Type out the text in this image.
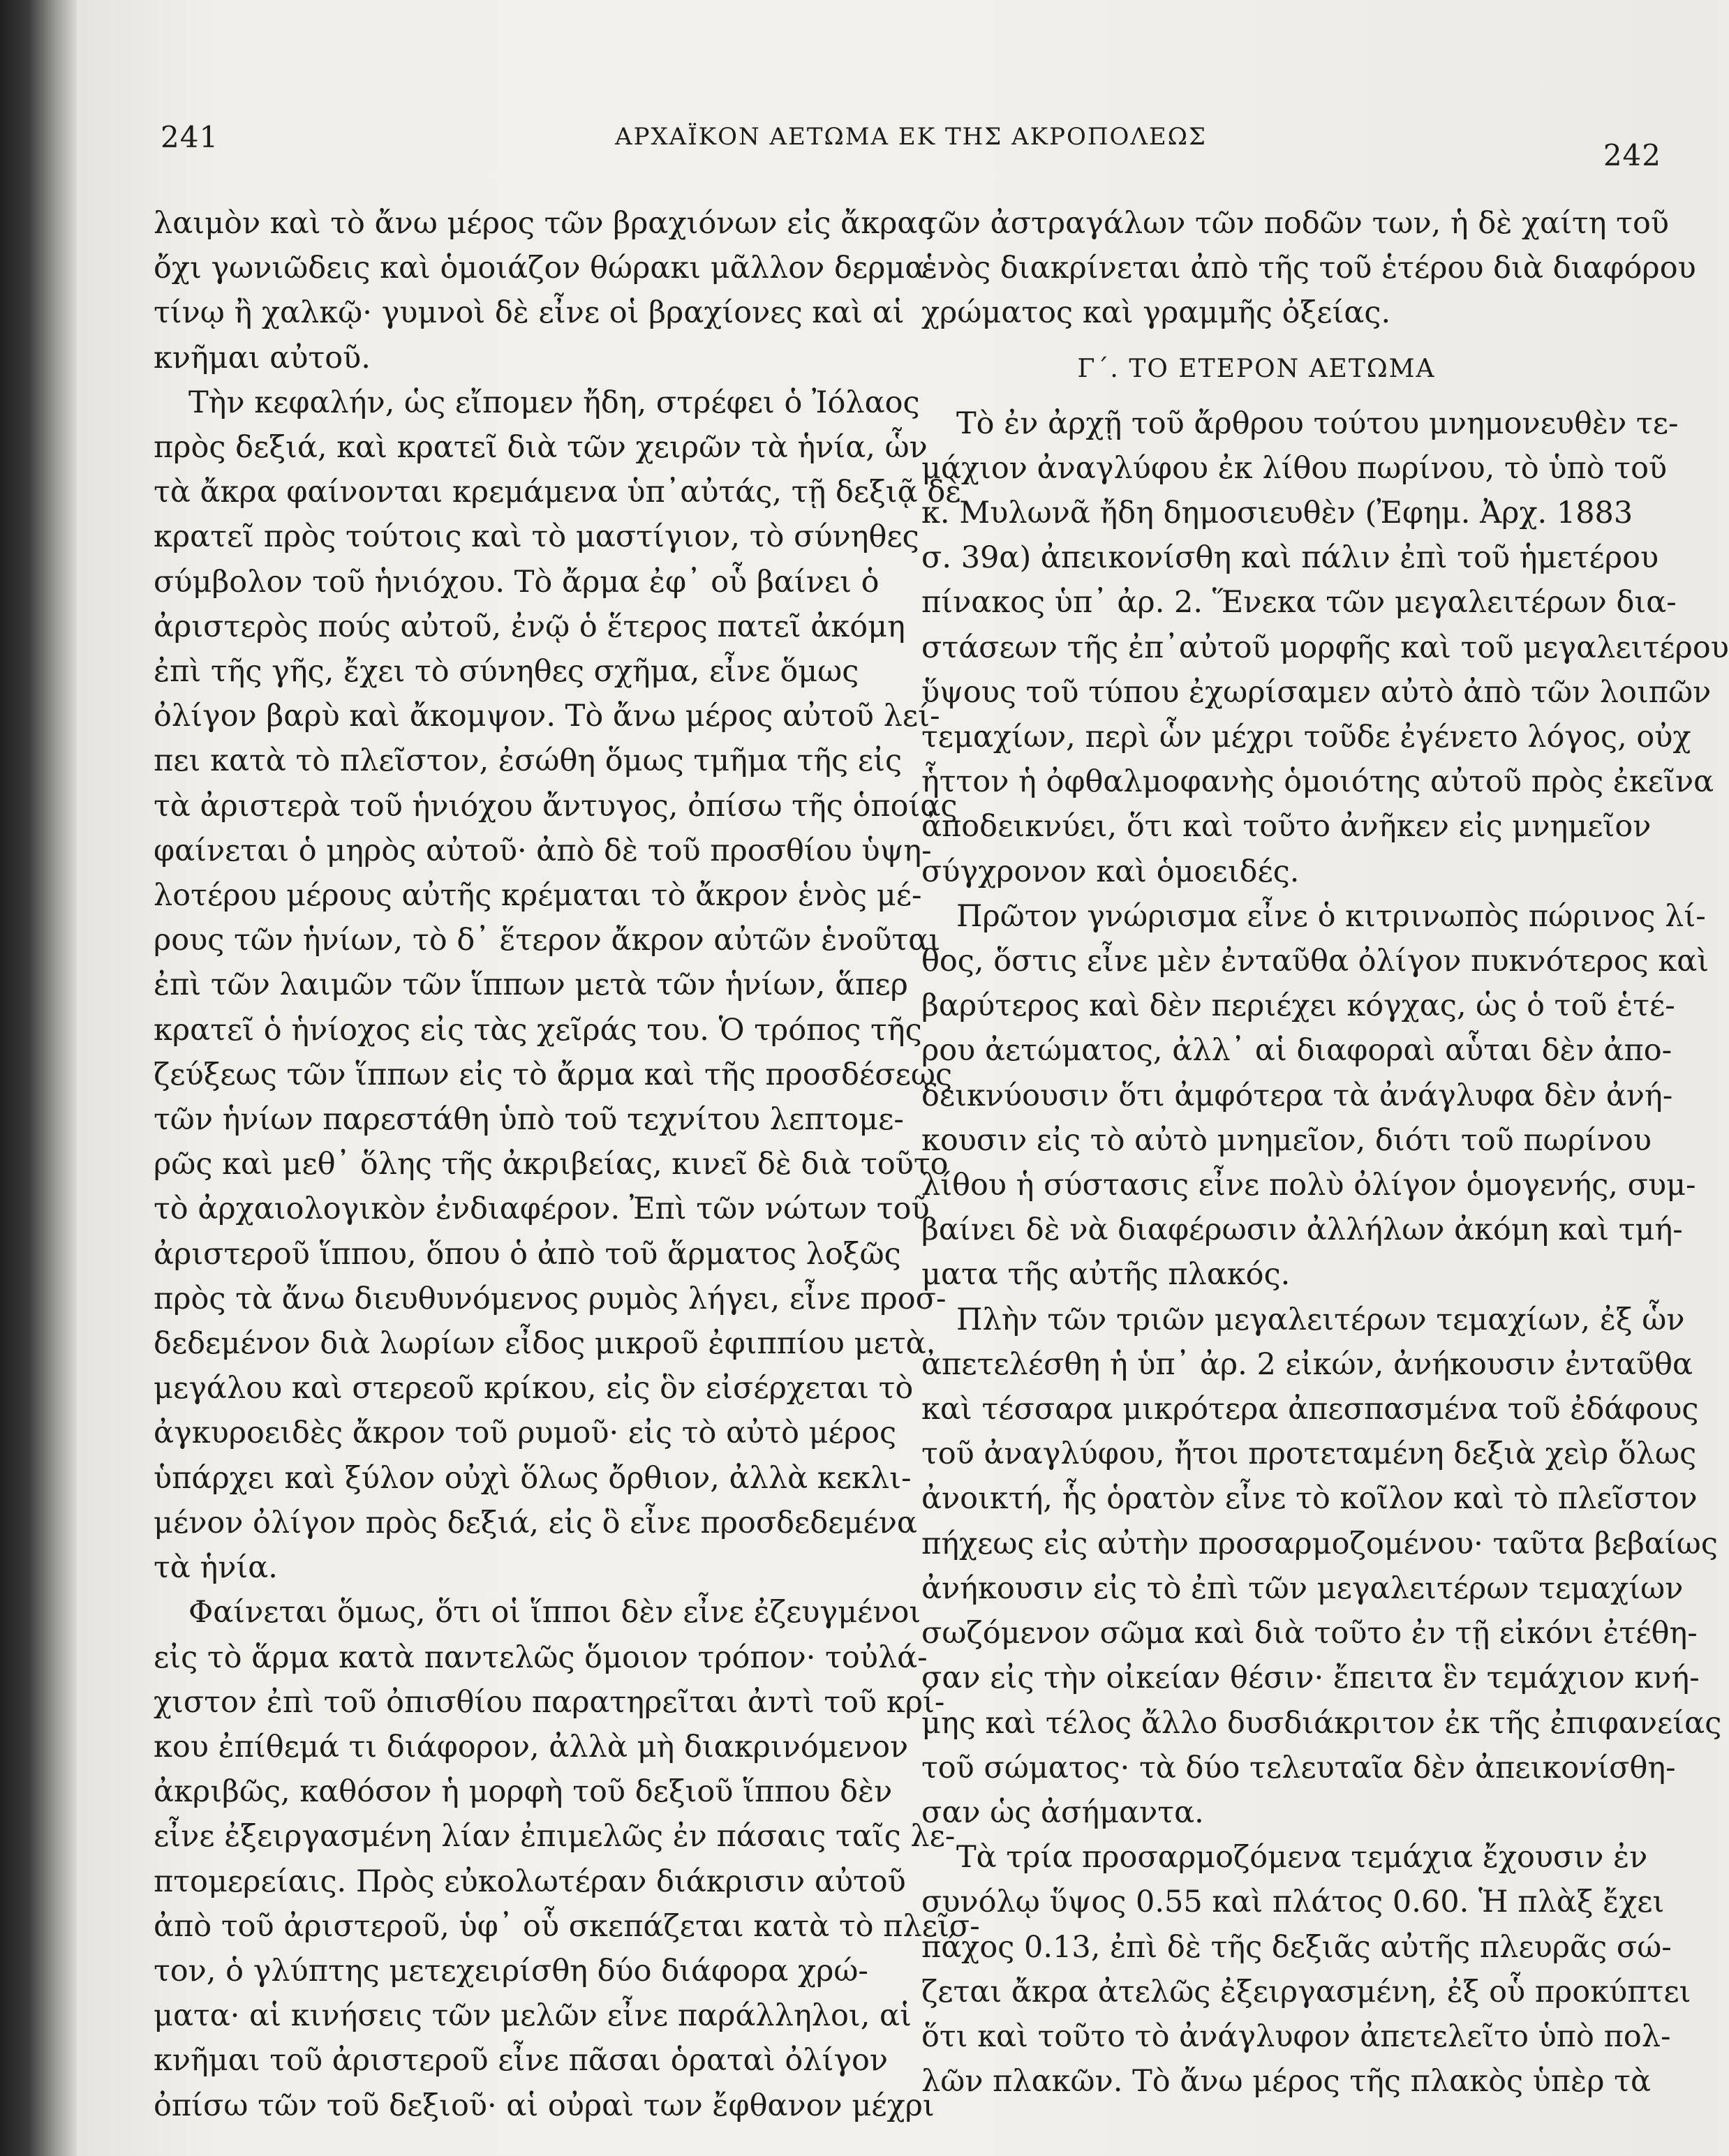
241	ΑΡΧΑΪΚΟΝ ΑΕΤΩΜΑ ΕΚ ΤΗΣ ΑΚΡΟΠΟΛΕΩΣ
242

λαιμὸν καὶ τὸ ἄνω μέρος τῶν βραχιόνων εἰς ἄκρας

ὄχι γωνιῶδεις καὶ ὁμοιάζον θώρακι μᾶλλον δερμα-

τίνῳ ἢ χαλκῷ· γυμνοὶ δὲ εἶνε οἱ βραχίονες καὶ αἱ

κνῆμαι αὐτοῦ.

Τὴν κεφαλήν, ὡς εἴπομεν ἤδη, στρέφει ὁ Ἰόλαος

πρὸς δεξιά, καὶ κρατεῖ διὰ τῶν χειρῶν τὰ ἡνία, ὧν

τὰ ἄκρα φαίνονται κρεμάμενα ὑπ᾽αὐτάς, τῇ δεξιᾷ δὲ

κρατεῖ πρὸς τούτοις καὶ τὸ μαστίγιον, τὸ σύνηθες

σύμβολον τοῦ ἡνιόχου. Τὸ ἄρμα ἐφ᾽ οὗ βαίνει ὁ

ἀριστερὸς πούς αὐτοῦ, ἐνῷ ὁ ἕτερος πατεῖ ἀκόμη

ἐπὶ τῆς γῆς, ἔχει τὸ σύνηθες σχῆμα, εἶνε ὅμως

ὀλίγον βαρὺ καὶ ἄκομψον. Τὸ ἄνω μέρος αὐτοῦ λεί-

πει κατὰ τὸ πλεῖστον, ἐσώθη ὅμως τμῆμα τῆς εἰς

τὰ ἀριστερὰ τοῦ ἡνιόχου ἄντυγος, ὀπίσω τῆς ὁποίας

φαίνεται ὁ μηρὸς αὐτοῦ· ἀπὸ δὲ τοῦ προσθίου ὑψη-

λοτέρου μέρους αὐτῆς κρέμαται τὸ ἄκρον ἑνὸς μέ-

ρους τῶν ἡνίων, τὸ δ᾽ ἕτερον ἄκρον αὐτῶν ἑνοῦται

ἐπὶ τῶν λαιμῶν τῶν ἵππων μετὰ τῶν ἡνίων, ἅπερ

κρατεῖ ὁ ἡνίοχος εἰς τὰς χεῖράς του. Ὁ τρόπος τῆς

ζεύξεως τῶν ἵππων εἰς τὸ ἄρμα καὶ τῆς προσδέσεως

τῶν ἡνίων παρεστάθη ὑπὸ τοῦ τεχνίτου λεπτομε-

ρῶς καὶ μεθ᾽ ὅλης τῆς ἀκριβείας, κινεῖ δὲ διὰ τοῦτο

τὸ ἀρχαιολογικὸν ἐνδιαφέρον. Ἐπὶ τῶν νώτων τοῦ

ἀριστεροῦ ἵππου, ὅπου ὁ ἀπὸ τοῦ ἅρματος λοξῶς

πρὸς τὰ ἄνω διευθυνόμενος ρυμὸς λήγει, εἶνε προσ-

δεδεμένον διὰ λωρίων εἶδος μικροῦ ἐφιππίου μετὰ

μεγάλου καὶ στερεοῦ κρίκου, εἰς ὃν εἰσέρχεται τὸ

ἀγκυροειδὲς ἄκρον τοῦ ρυμοῦ· εἰς τὸ αὐτὸ μέρος

ὑπάρχει καὶ ξύλον οὐχὶ ὅλως ὄρθιον, ἀλλὰ κεκλι-

μένον ὀλίγον πρὸς δεξιά, εἰς ὃ εἶνε προσδεδεμένα

τὰ ἡνία.

Φαίνεται ὅμως, ὅτι οἱ ἵπποι δὲν εἶνε ἐζευγμένοι

εἰς τὸ ἅρμα κατὰ παντελῶς ὅμοιον τρόπον· τοὐλά-

χιστον ἐπὶ τοῦ ὀπισθίου παρατηρεῖται ἀντὶ τοῦ κρί-

κου ἐπίθεμά τι διάφορον, ἀλλὰ μὴ διακρινόμενον

ἀκριβῶς, καθόσον ἡ μορφὴ τοῦ δεξιοῦ ἵππου δὲν

εἶνε ἐξειργασμένη λίαν ἐπιμελῶς ἐν πάσαις ταῖς λε-

πτομερείαις. Πρὸς εὐκολωτέραν διάκρισιν αὐτοῦ

ἀπὸ τοῦ ἀριστεροῦ, ὑφ᾽ οὗ σκεπάζεται κατὰ τὸ πλεῖσ-

τον, ὁ γλύπτης μετεχειρίσθη δύο διάφορα χρώ-

ματα· αἱ κινήσεις τῶν μελῶν εἶνε παράλληλοι, αἱ

κνῆμαι τοῦ ἀριστεροῦ εἶνε πᾶσαι ὁραταὶ ὀλίγον

ὀπίσω τῶν τοῦ δεξιοῦ· αἱ οὐραὶ των ἔφθανον μέχρι

τῶν ἀστραγάλων τῶν ποδῶν των, ἡ δὲ χαίτη τοῦ

ἑνὸς διακρίνεται ἀπὸ τῆς τοῦ ἑτέρου διὰ διαφόρου

χρώματος καὶ γραμμῆς ὀξείας.

Γ΄. ΤΟ ΕΤΕΡΟΝ ΑΕΤΩΜΑ

Τὸ ἐν ἀρχῇ τοῦ ἄρθρου τούτου μνημονευθὲν τε-

μάχιον ἀναγλύφου ἐκ λίθου πωρίνου, τὸ ὑπὸ τοῦ

κ. Μυλωνᾶ ἤδη δημοσιευθὲν (Ἐφημ. Ἀρχ. 1883

σ. 39α) ἀπεικονίσθη καὶ πάλιν ἐπὶ τοῦ ἡμετέρου

πίνακος ὑπ᾽ ἀρ. 2. Ἕνεκα τῶν μεγαλειτέρων δια-

στάσεων τῆς ἐπ᾽αὐτοῦ μορφῆς καὶ τοῦ μεγαλειτέρου

ὕψους τοῦ τύπου ἐχωρίσαμεν αὐτὸ ἀπὸ τῶν λοιπῶν

τεμαχίων, περὶ ὧν μέχρι τοῦδε ἐγένετο λόγος, οὐχ

ἧττον ἡ ὀφθαλμοφανὴς ὁμοιότης αὐτοῦ πρὸς ἐκεῖνα

ἀποδεικνύει, ὅτι καὶ τοῦτο ἀνῆκεν εἰς μνημεῖον

σύγχρονον καὶ ὁμοειδές.

Πρῶτον γνώρισμα εἶνε ὁ κιτρινωπὸς πώρινος λί-

θος, ὅστις εἶνε μὲν ἐνταῦθα ὀλίγον πυκνότερος καὶ

βαρύτερος καὶ δὲν περιέχει κόγχας, ὡς ὁ τοῦ ἑτέ-

ρου ἀετώματος, ἀλλ᾽ αἱ διαφοραὶ αὗται δὲν ἀπο-

δεικνύουσιν ὅτι ἀμφότερα τὰ ἀνάγλυφα δὲν ἀνή-

κουσιν εἰς τὸ αὐτὸ μνημεῖον, διότι τοῦ πωρίνου

λίθου ἡ σύστασις εἶνε πολὺ ὀλίγον ὁμογενής, συμ-

βαίνει δὲ νὰ διαφέρωσιν ἀλλήλων ἀκόμη καὶ τμή-

ματα τῆς αὐτῆς πλακός.

Πλὴν τῶν τριῶν μεγαλειτέρων τεμαχίων, ἐξ ὧν

ἀπετελέσθη ἡ ὑπ᾽ ἀρ. 2 εἰκών, ἀνήκουσιν ἐνταῦθα

καὶ τέσσαρα μικρότερα ἀπεσπασμένα τοῦ ἐδάφους

τοῦ ἀναγλύφου, ἤτοι προτεταμένη δεξιὰ χεὶρ ὅλως

ἀνοικτή, ἧς ὁρατὸν εἶνε τὸ κοῖλον καὶ τὸ πλεῖστον

πήχεως εἰς αὐτὴν προσαρμοζομένου· ταῦτα βεβαίως

ἀνήκουσιν εἰς τὸ ἐπὶ τῶν μεγαλειτέρων τεμαχίων

σωζόμενον σῶμα καὶ διὰ τοῦτο ἐν τῇ εἰκόνι ἐτέθη-

σαν εἰς τὴν οἰκείαν θέσιν· ἔπειτα ἓν τεμάχιον κνή-

μης καὶ τέλος ἄλλο δυσδιάκριτον ἐκ τῆς ἐπιφανείας

τοῦ σώματος· τὰ δύο τελευταῖα δὲν ἀπεικονίσθη-

σαν ὡς ἀσήμαντα.

Τὰ τρία προσαρμοζόμενα τεμάχια ἔχουσιν ἐν

συνόλῳ ὕψος 0.55 καὶ πλάτος 0.60. Ἡ πλὰξ ἔχει

πάχος 0.13, ἐπὶ δὲ τῆς δεξιᾶς αὐτῆς πλευρᾶς σώ-

ζεται ἄκρα ἀτελῶς ἐξειργασμένη, ἐξ οὗ προκύπτει

ὅτι καὶ τοῦτο τὸ ἀνάγλυφον ἀπετελεῖτο ὑπὸ πολ-

λῶν πλακῶν. Τὸ ἄνω μέρος τῆς πλακὸς ὑπὲρ τὰ
